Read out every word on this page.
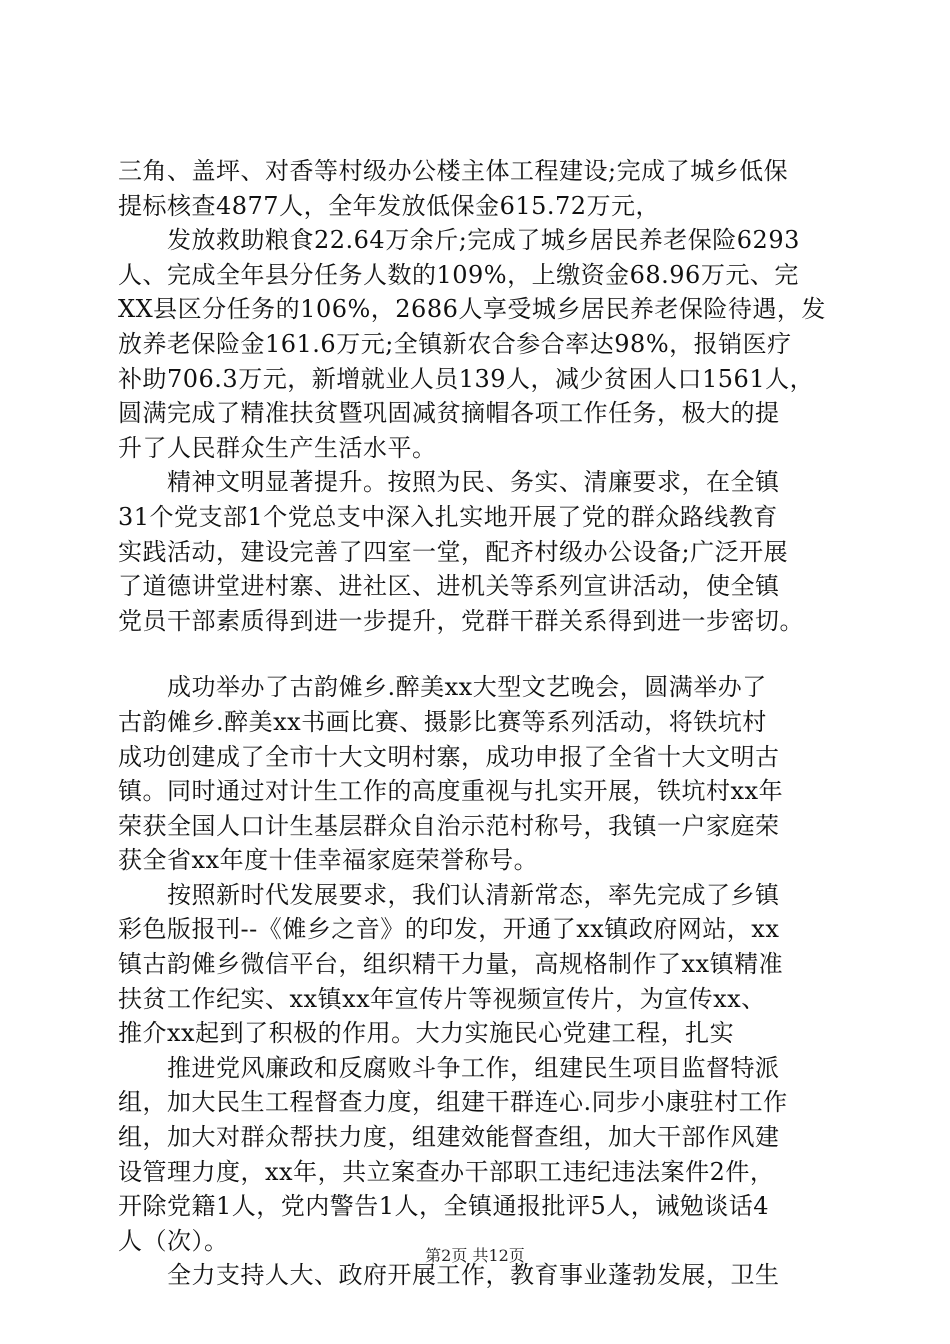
三角、盖坪、对香等村级办公楼主体工程建设;完成了城乡低保
提标核查4877人，全年发放低保金615.72万元，
　　发放救助粮食22.64万余斤;完成了城乡居民养老保险6293
人、完成全年县分任务人数的109%，上缴资金68.96万元、完
XX县区分任务的106%，2686人享受城乡居民养老保险待遇，发
放养老保险金161.6万元;全镇新农合参合率达98%，报销医疗
补助706.3万元，新增就业人员139人，减少贫困人口1561人，
圆满完成了精准扶贫暨巩固减贫摘帽各项工作任务，极大的提
升了人民群众生产生活水平。
　　精神文明显著提升。按照为民、务实、清廉要求，在全镇
31个党支部1个党总支中深入扎实地开展了党的群众路线教育
实践活动，建设完善了四室一堂，配齐村级办公设备;广泛开展
了道德讲堂进村寨、进社区、进机关等系列宣讲活动，使全镇
党员干部素质得到进一步提升，党群干群关系得到进一步密切。
　　成功举办了古韵傩乡.醉美xx大型文艺晚会，圆满举办了
古韵傩乡.醉美xx书画比赛、摄影比赛等系列活动，将铁坑村
成功创建成了全市十大文明村寨，成功申报了全省十大文明古
镇。同时通过对计生工作的高度重视与扎实开展，铁坑村xx年
荣获全国人口计生基层群众自治示范村称号，我镇一户家庭荣
获全省xx年度十佳幸福家庭荣誉称号。
　　按照新时代发展要求，我们认清新常态，率先完成了乡镇
彩色版报刊--《傩乡之音》的印发，开通了xx镇政府网站，xx
镇古韵傩乡微信平台，组织精干力量，高规格制作了xx镇精准
扶贫工作纪实、xx镇xx年宣传片等视频宣传片，为宣传xx、
推介xx起到了积极的作用。大力实施民心党建工程，扎实
　　推进党风廉政和反腐败斗争工作，组建民生项目监督特派
组，加大民生工程督查力度，组建干群连心.同步小康驻村工作
组，加大对群众帮扶力度，组建效能督查组，加大干部作风建
设管理力度，xx年，共立案查办干部职工违纪违法案件2件，
开除党籍1人，党内警告1人，全镇通报批评5人，诫勉谈话4
人（次）。
　　全力支持人大、政府开展工作，教育事业蓬勃发展，卫生
第2页 共12页
